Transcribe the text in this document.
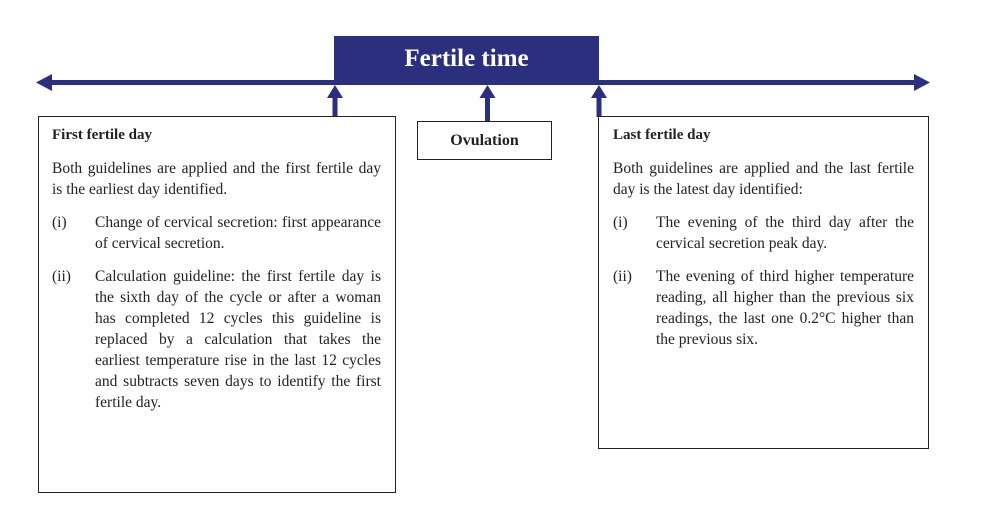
Fertile time
First fertile day
Both guidelines are applied and the first fertile day is the earliest day identified.
(i)	Change of cervical secretion: first appearance of cervical secretion.
(ii)	Calculation guideline: the first fertile day is the sixth day of the cycle or after a woman has completed 12 cycles this guideline is replaced by a calculation that takes the earliest temperature rise in the last 12 cycles and subtracts seven days to identify the first fertile day.
Ovulation	Last fertile day
Both guidelines are applied and the last fertile day is the latest day identified:
(i)	The evening of the third day after the cervical secretion peak day.
(ii)	The evening of third higher temperature reading, all higher than the previous six readings, the last one 0.2°C higher than the previous six.
